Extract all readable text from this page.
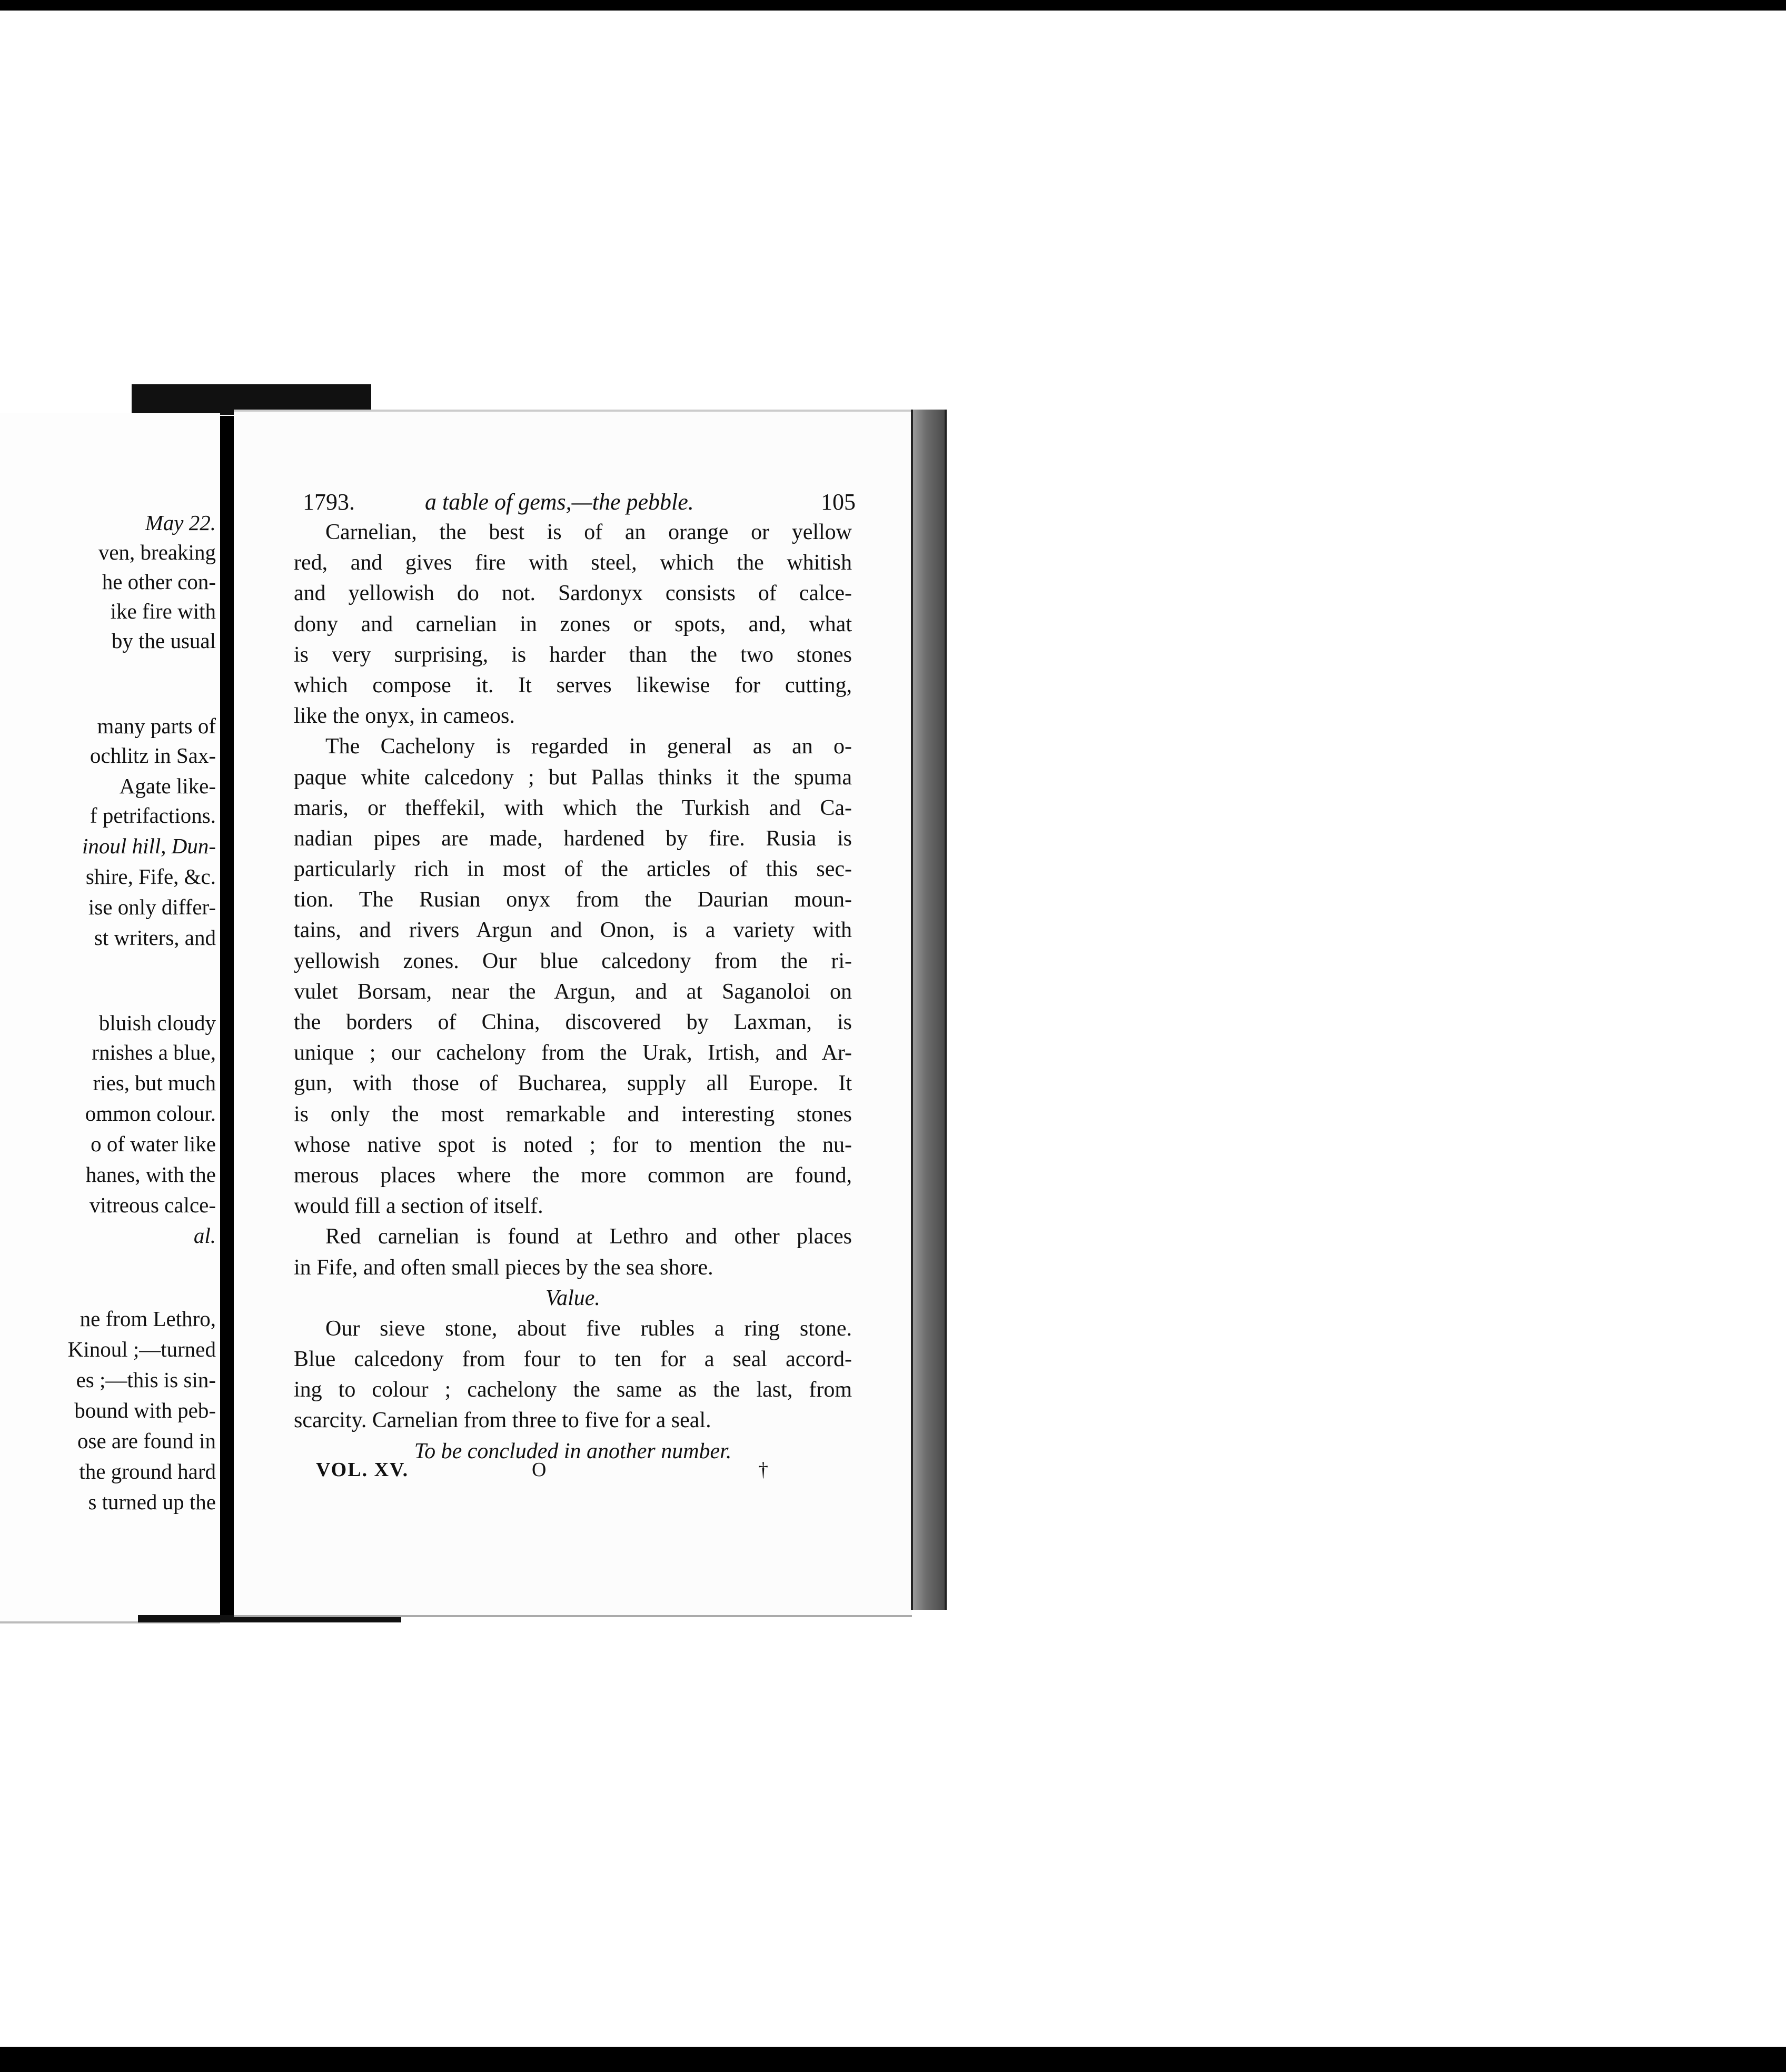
May 22.
ven, breaking
he other con-
ike fire with
by the usual
many parts of
ochlitz in Sax-
Agate like-
f petrifactions.
inoul hill, Dun-
shire, Fife, &c.
ise only differ-
st writers, and
bluish cloudy
rnishes a blue,
ries, but much
ommon colour.
o of water like
hanes, with the
vitreous calce-
al.
ne from Lethro,
Kinoul ;—turned
es ;—this is sin-
bound with peb-
ose are found in
the ground hard
s turned up the
1793.	a table of gems,—the pebble.	105
Carnelian, the best is of an orange or yellow
red, and gives fire with steel, which the whitish
and yellowish do not. Sardonyx consists of calce-
dony and carnelian in zones or spots, and, what
is very surprising, is harder than the two stones
which compose it. It serves likewise for cutting,
like the onyx, in cameos.
The Cachelony is regarded in general as an o-
paque white calcedony ; but Pallas thinks it the spuma
maris, or theffekil, with which the Turkish and Ca-
nadian pipes are made, hardened by fire. Rusia is
particularly rich in most of the articles of this sec-
tion. The Rusian onyx from the Daurian moun-
tains, and rivers Argun and Onon, is a variety with
yellowish zones. Our blue calcedony from the ri-
vulet Borsam, near the Argun, and at Saganoloi on
the borders of China, discovered by Laxman, is
unique ; our cachelony from the Urak, Irtish, and Ar-
gun, with those of Bucharea, supply all Europe. It
is only the most remarkable and interesting stones
whose native spot is noted ; for to mention the nu-
merous places where the more common are found,
would fill a section of itself.
Red carnelian is found at Lethro and other places
in Fife, and often small pieces by the sea shore.
Value.
Our sieve stone, about five rubles a ring stone.
Blue calcedony from four to ten for a seal accord-
ing to colour ; cachelony the same as the last, from
scarcity. Carnelian from three to five for a seal.
To be concluded in another number.
VOL. XV.	O	†
